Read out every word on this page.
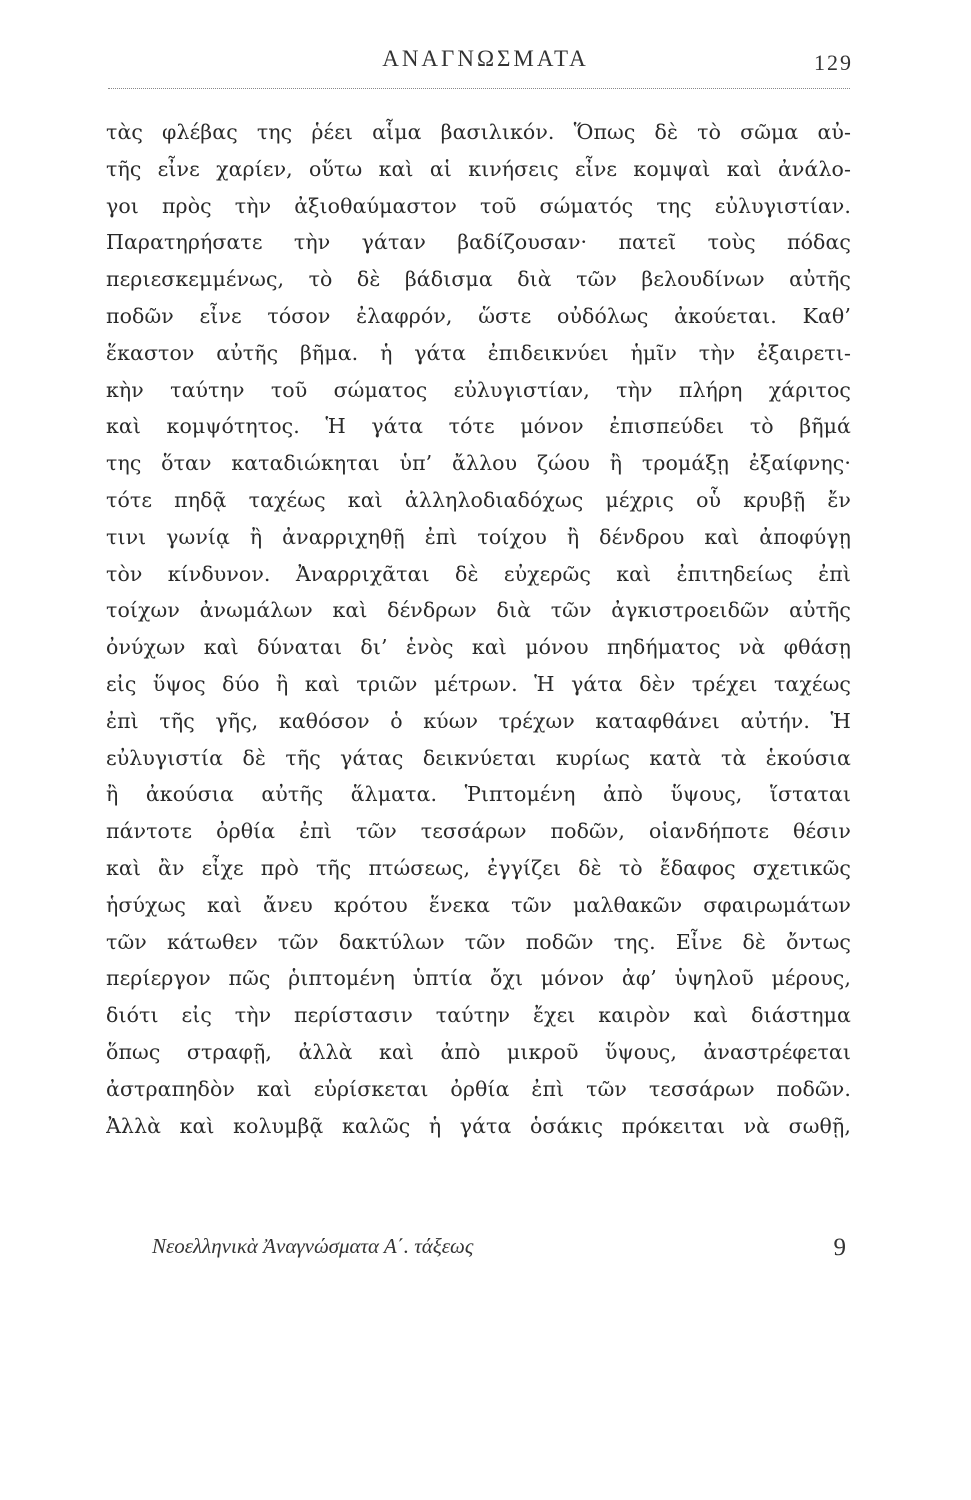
ΑΝΑΓΝΩΣΜΑΤΑ	129
τὰς φλέβας της ῥέει αἷμα βασιλικόν. Ὅπως δὲ τὸ σῶμα αὐ-
τῆς εἶνε χαρίεν, οὕτω καὶ αἱ κινήσεις εἶνε κομψαὶ καὶ ἀνάλο-
γοι πρὸς τὴν ἀξιοθαύμαστον τοῦ σώματός της εὐλυγιστίαν.
Παρατηρήσατε τὴν γάταν βαδίζουσαν· πατεῖ τοὺς πόδας
περιεσκεμμένως, τὸ δὲ βάδισμα διὰ τῶν βελουδίνων αὐτῆς
ποδῶν εἶνε τόσον ἐλαφρόν, ὥστε οὐδόλως ἀκούεται. Καθ’
ἕκαστον αὐτῆς βῆμα. ἡ γάτα ἐπιδεικνύει ἡμῖν τὴν ἐξαιρετι-
κὴν ταύτην τοῦ σώματος εὐλυγιστίαν, τὴν πλήρη χάριτος
καὶ κομψότητος. Ἡ γάτα τότε μόνον ἐπισπεύδει τὸ βῆμά
της ὅταν καταδιώκηται ὑπ’ ἄλλου ζώου ἢ τρομάξῃ ἐξαίφνης·
τότε πηδᾷ ταχέως καὶ ἀλληλοδιαδόχως μέχρις οὗ κρυβῇ ἔν
τινι γωνίᾳ ἢ ἀναρριχηθῇ ἐπὶ τοίχου ἢ δένδρου καὶ ἀποφύγῃ
τὸν κίνδυνον. Ἀναρριχᾶται δὲ εὐχερῶς καὶ ἐπιτηδείως ἐπὶ
τοίχων ἀνωμάλων καὶ δένδρων διὰ τῶν ἀγκιστροειδῶν αὐτῆς
ὀνύχων καὶ δύναται δι’ ἑνὸς καὶ μόνου πηδήματος νὰ φθάσῃ
εἰς ὕψος δύο ἢ καὶ τριῶν μέτρων. Ἡ γάτα δὲν τρέχει ταχέως
ἐπὶ τῆς γῆς, καθόσον ὁ κύων τρέχων καταφθάνει αὐτήν. Ἡ
εὐλυγιστία δὲ τῆς γάτας δεικνύεται κυρίως κατὰ τὰ ἑκούσια
ἢ ἀκούσια αὐτῆς ἅλματα. Ῥιπτομένη ἀπὸ ὕψους, ἵσταται
πάντοτε ὀρθία ἐπὶ τῶν τεσσάρων ποδῶν, οἱανδήποτε θέσιν
καὶ ἂν εἶχε πρὸ τῆς πτώσεως, ἐγγίζει δὲ τὸ ἔδαφος σχετικῶς
ἡσύχως καὶ ἄνευ κρότου ἕνεκα τῶν μαλθακῶν σφαιρωμάτων
τῶν κάτωθεν τῶν δακτύλων τῶν ποδῶν της. Εἶνε δὲ ὄντως
περίεργον πῶς ῥιπτομένη ὑπτία ὄχι μόνον ἀφ’ ὑψηλοῦ μέρους,
διότι εἰς τὴν περίστασιν ταύτην ἔχει καιρὸν καὶ διάστημα
ὅπως στραφῇ, ἀλλὰ καὶ ἀπὸ μικροῦ ὕψους, ἀναστρέφεται
ἀστραπηδὸν καὶ εὑρίσκεται ὀρθία ἐπὶ τῶν τεσσάρων ποδῶν.
Ἀλλὰ καὶ κολυμβᾷ καλῶς ἡ γάτα ὁσάκις πρόκειται νὰ σωθῇ,
Νεοελληνικὰ Ἀναγνώσματα Α΄. τάξεως	9
